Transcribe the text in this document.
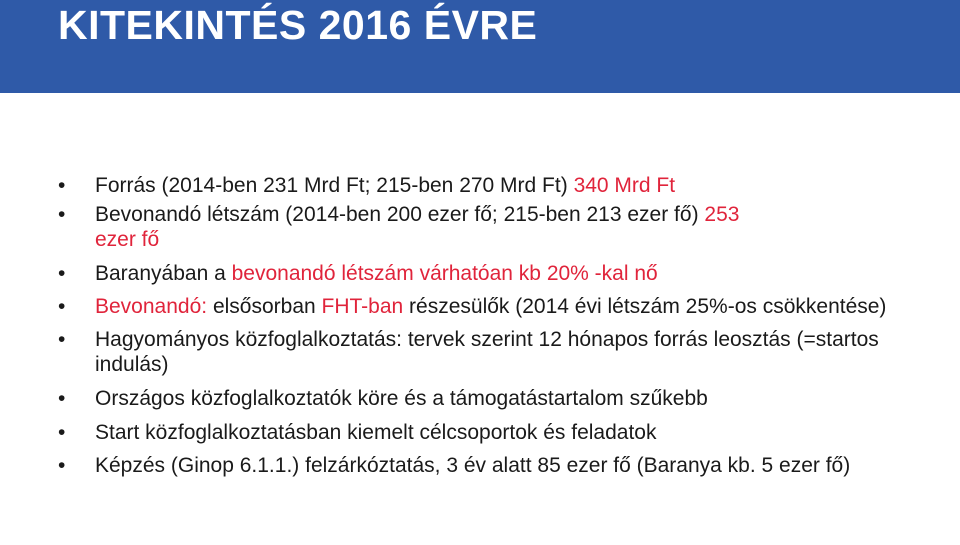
KITEKINTÉS 2016 ÉVRE
• Forrás (2014-ben 231 Mrd Ft; 215-ben 270 Mrd Ft) 340 Mrd Ft
• Bevonandó létszám (2014-ben 200 ezer fő; 215-ben 213 ezer fő) 253
ezer fő
• Baranyában a bevonandó létszám várhatóan kb 20% -kal nő
• Bevonandó: elsősorban FHT-ban részesülők (2014 évi létszám 25%-os csökkentése)
• Hagyományos közfoglalkoztatás: tervek szerint 12 hónapos forrás leosztás (=startos indulás)
• Országos közfoglalkoztatók köre és a támogatástartalom szűkebb
• Start közfoglalkoztatásban kiemelt célcsoportok és feladatok
• Képzés (Ginop 6.1.1.) felzárkóztatás, 3 év alatt 85 ezer fő (Baranya kb. 5 ezer fő)
